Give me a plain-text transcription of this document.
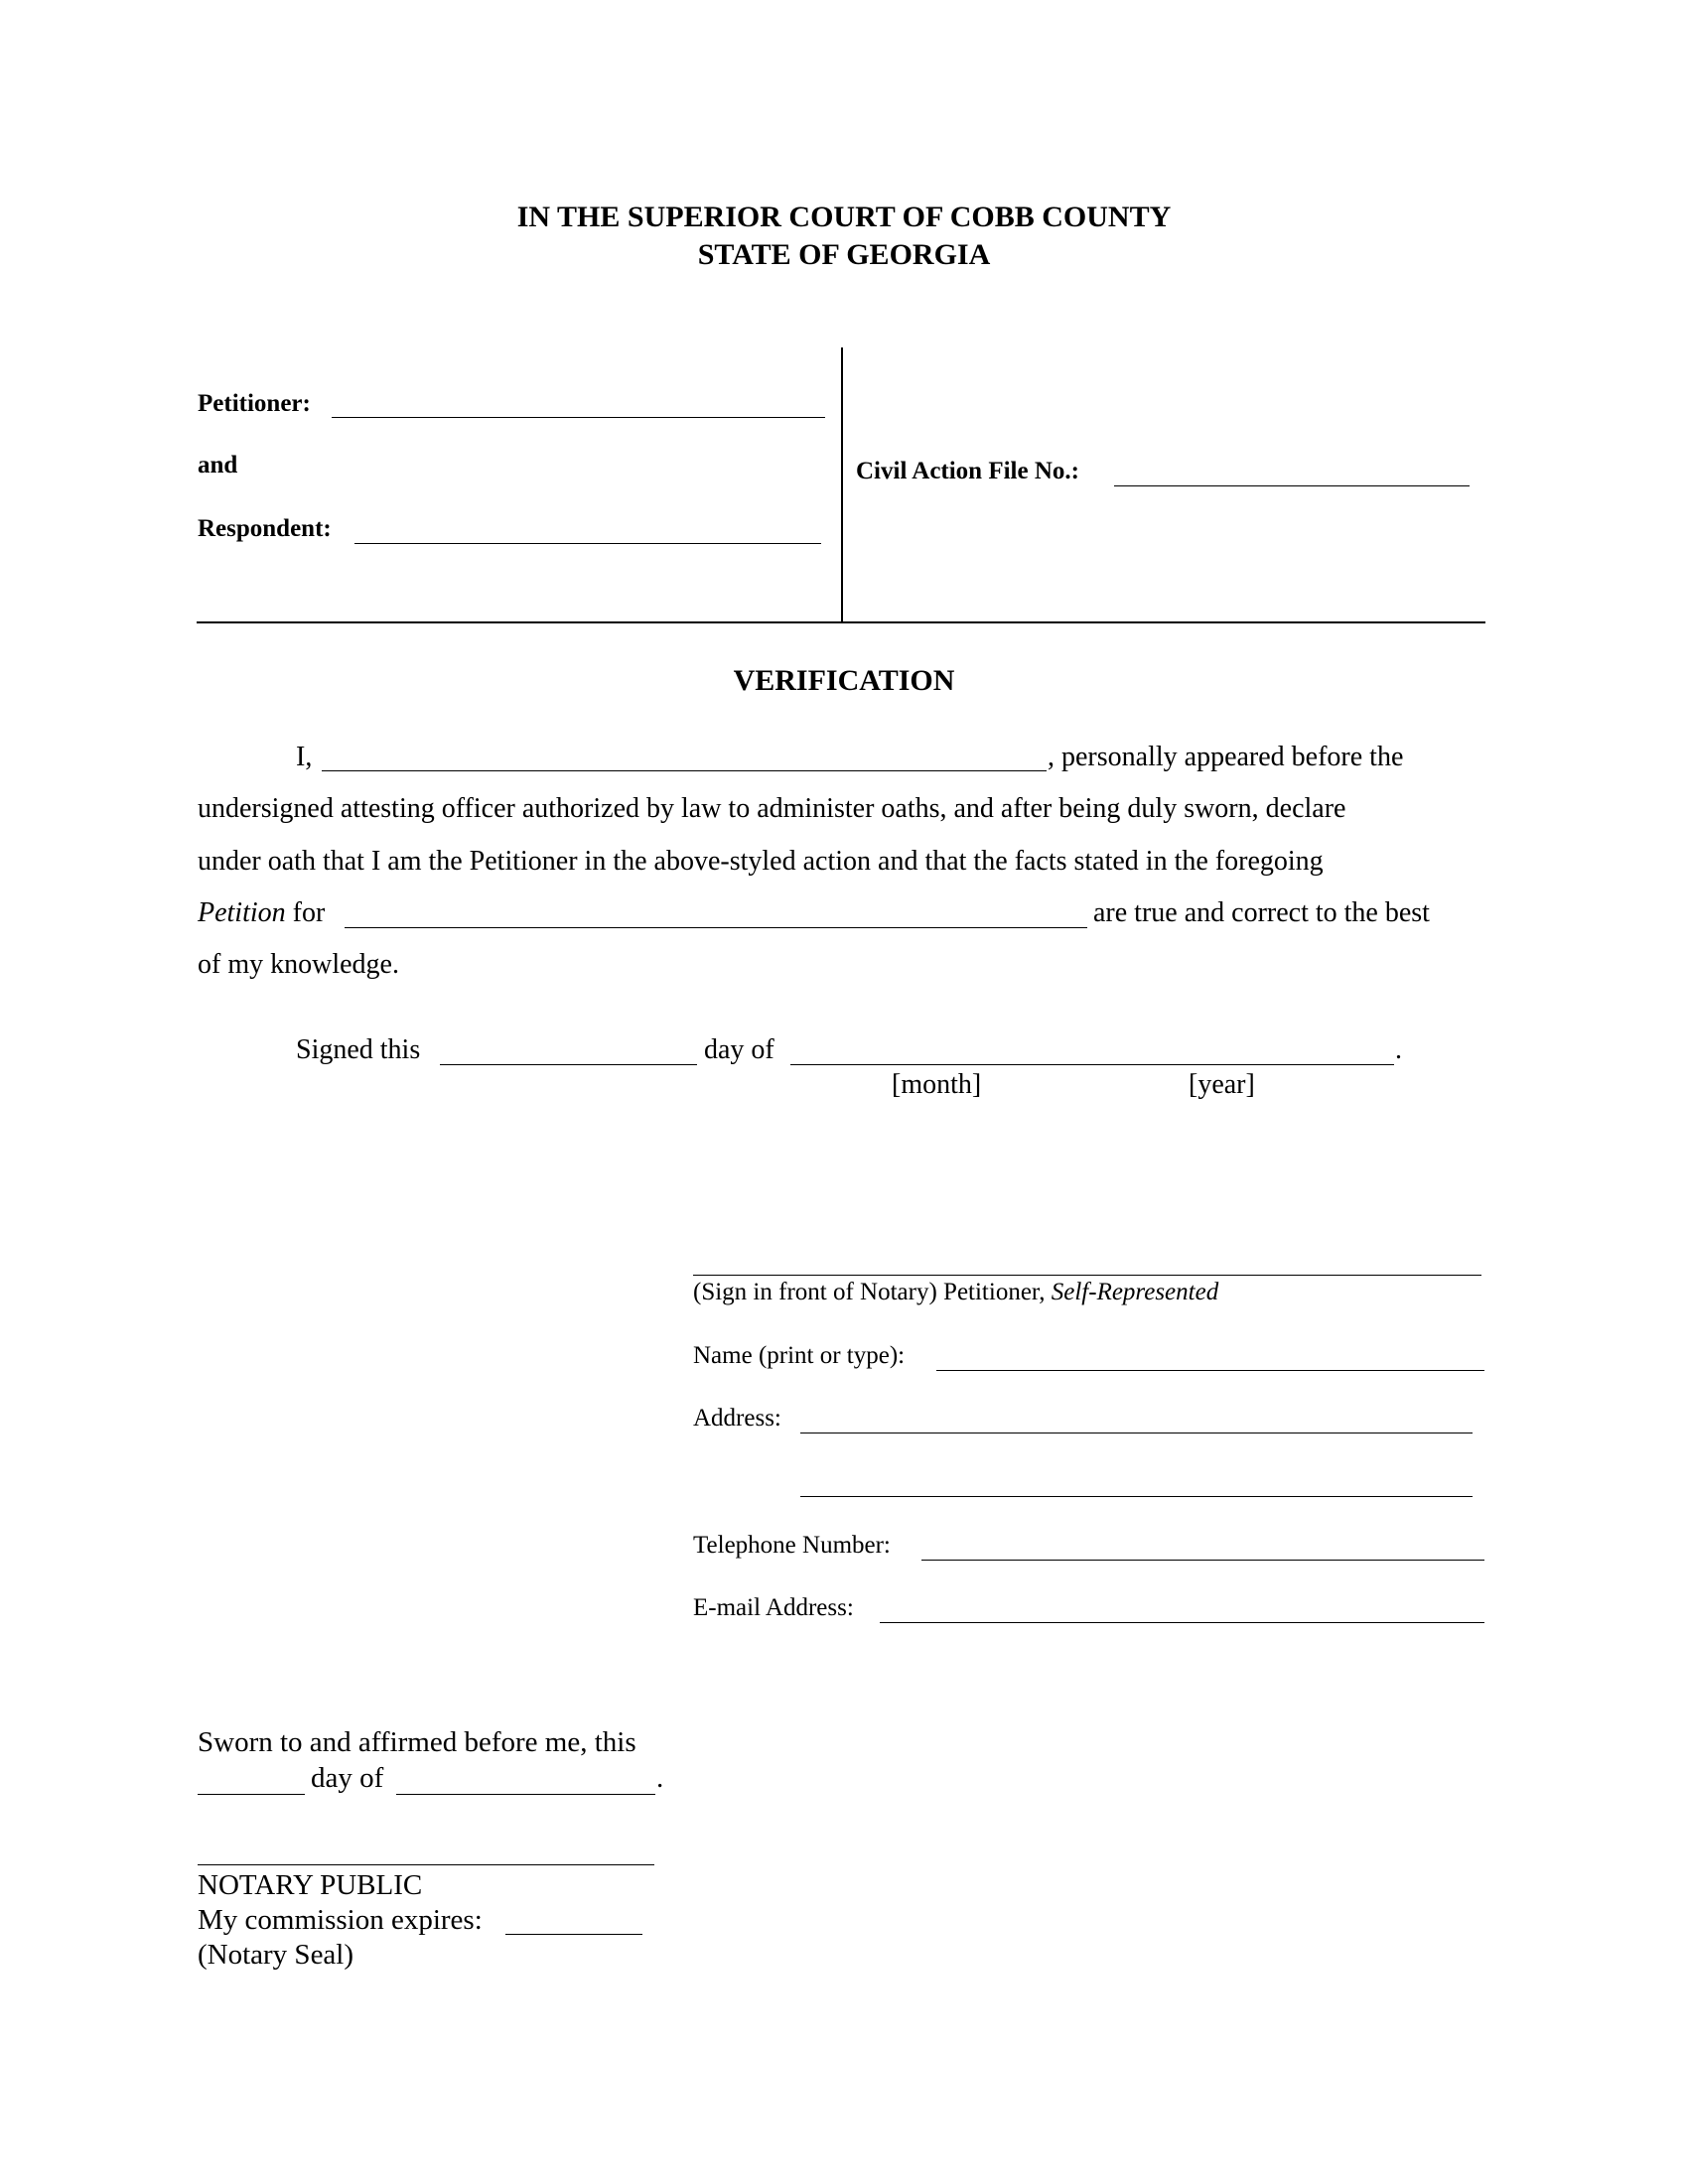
IN THE SUPERIOR COURT OF COBB COUNTY
STATE OF GEORGIA
Petitioner:
and
Respondent:
Civil Action File No.:
VERIFICATION
I,	, personally appeared before the
undersigned attesting officer authorized by law to administer oaths, and after being duly sworn, declare
under oath that I am the Petitioner in the above-styled action and that the facts stated in the foregoing
Petition for	are true and correct to the best
of my knowledge.
Signed this	day of	.
[month]	[year]
(Sign in front of Notary) Petitioner, Self-Represented
Name (print or type):
Address:
Telephone Number:
E-mail Address:
Sworn to and affirmed before me, this
day of	.
NOTARY PUBLIC
My commission expires:
(Notary Seal)
